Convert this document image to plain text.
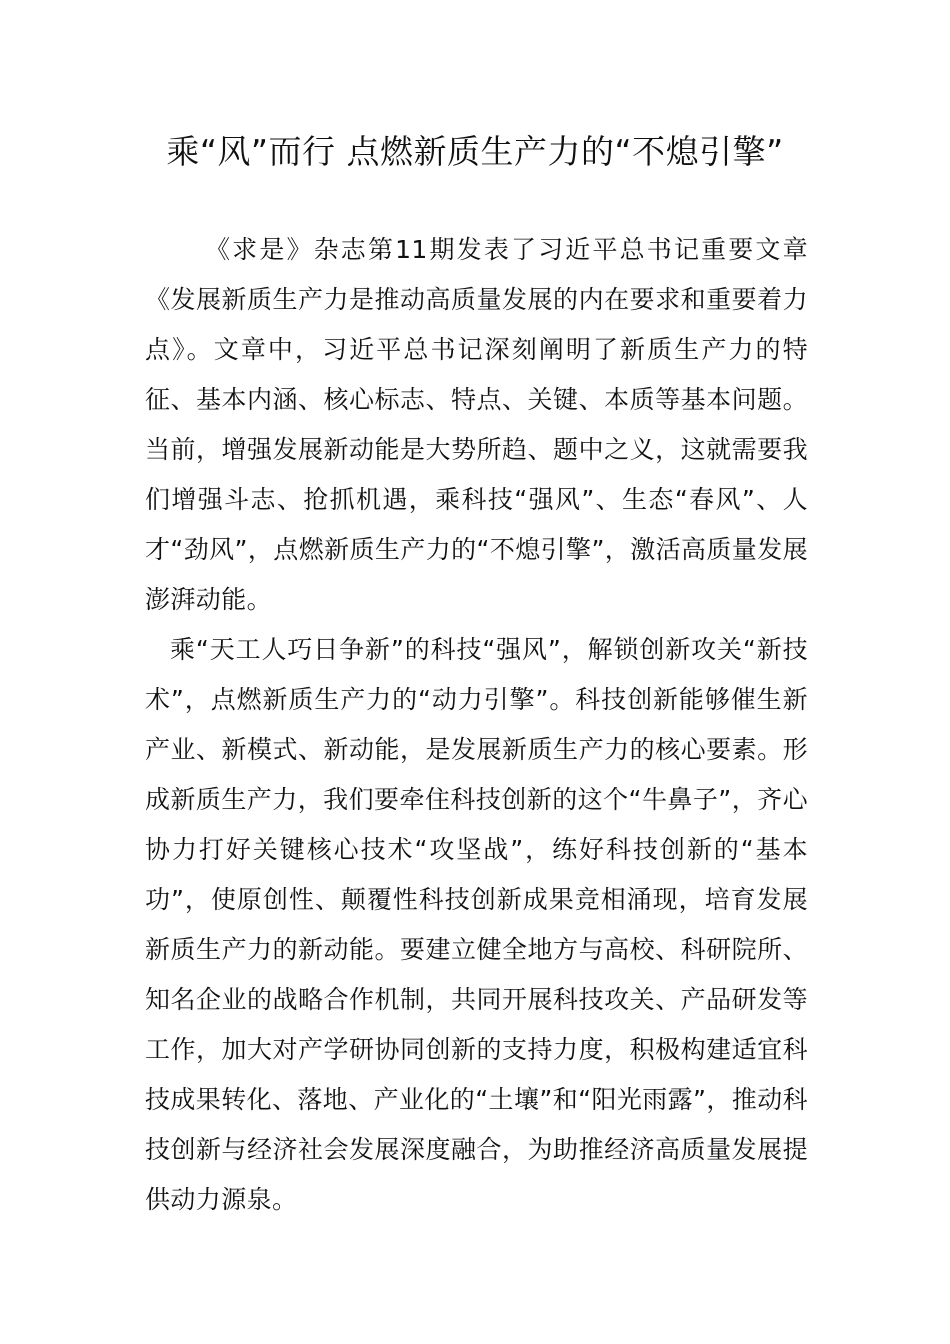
乘“风”而行 点燃新质生产力的“不熄引擎”

《求是》杂志第11期发表了习近平总书记重要文章《发展新质生产力是推动高质量发展的内在要求和重要着力点》。文章中，习近平总书记深刻阐明了新质生产力的特征、基本内涵、核心标志、特点、关键、本质等基本问题。当前，增强发展新动能是大势所趋、题中之义，这就需要我们增强斗志、抢抓机遇，乘科技“强风”、生态“春风”、人才“劲风”，点燃新质生产力的“不熄引擎”，激活高质量发展澎湃动能。

乘“天工人巧日争新”的科技“强风”，解锁创新攻关“新技术”，点燃新质生产力的“动力引擎”。科技创新能够催生新产业、新模式、新动能，是发展新质生产力的核心要素。形成新质生产力，我们要牵住科技创新的这个“牛鼻子”，齐心协力打好关键核心技术“攻坚战”，练好科技创新的“基本功”，使原创性、颠覆性科技创新成果竞相涌现，培育发展新质生产力的新动能。要建立健全地方与高校、科研院所、知名企业的战略合作机制，共同开展科技攻关、产品研发等工作，加大对产学研协同创新的支持力度，积极构建适宜科技成果转化、落地、产业化的“土壤”和“阳光雨露”，推动科技创新与经济社会发展深度融合，为助推经济高质量发展提供动力源泉。
